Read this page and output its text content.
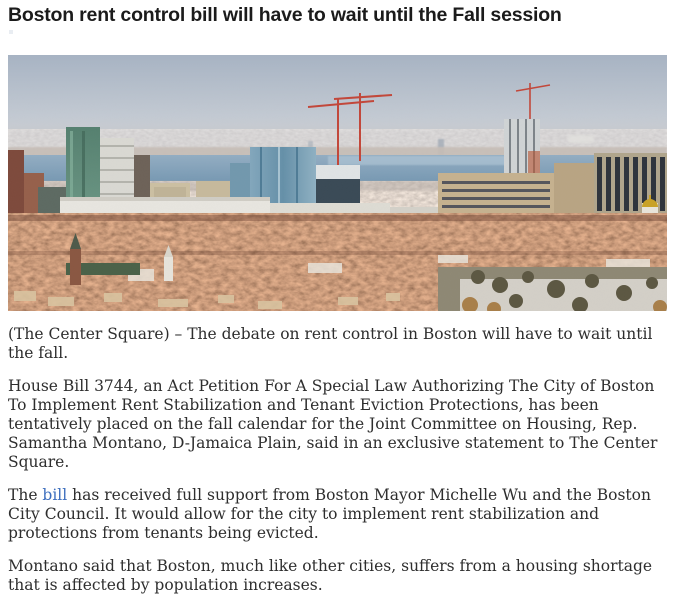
Boston rent control bill will have to wait until the Fall session

(The Center Square) – The debate on rent control in Boston will have to wait until the fall.

House Bill 3744, an Act Petition For A Special Law Authorizing The City of Boston To Implement Rent Stabilization and Tenant Eviction Protections, has been tentatively placed on the fall calendar for the Joint Committee on Housing, Rep. Samantha Montano, D-Jamaica Plain, said in an exclusive statement to The Center Square.

The bill has received full support from Boston Mayor Michelle Wu and the Boston City Council. It would allow for the city to implement rent stabilization and protections from tenants being evicted.

Montano said that Boston, much like other cities, suffers from a housing shortage that is affected by population increases.
